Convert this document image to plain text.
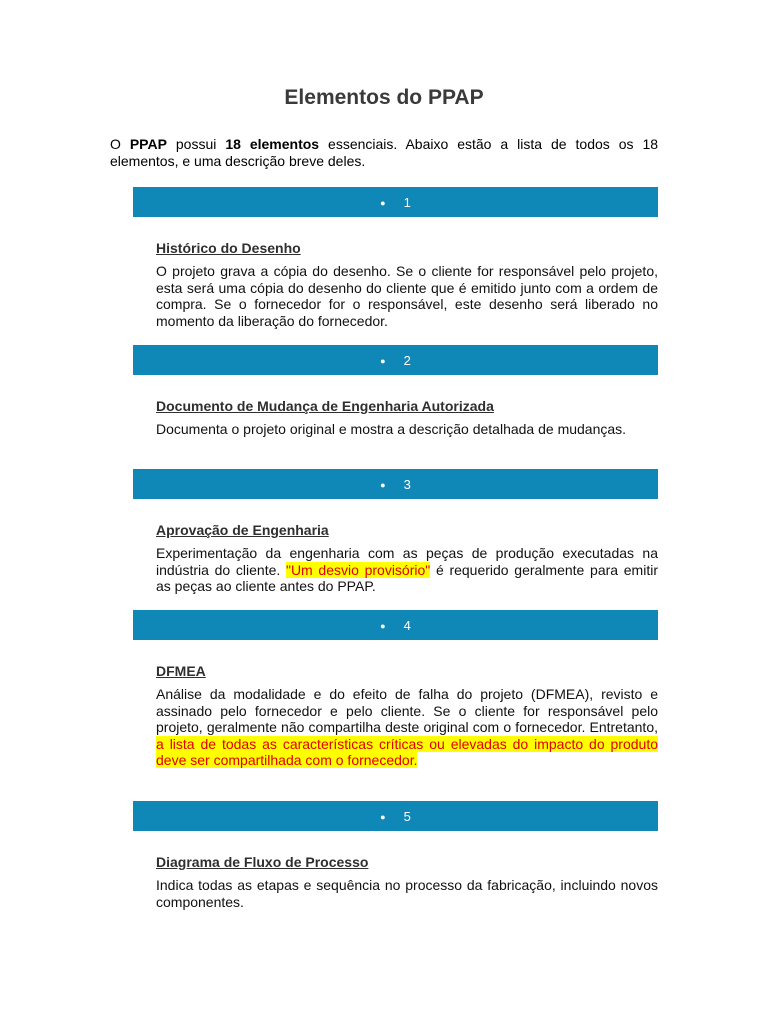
Elementos do PPAP

O PPAP possui 18 elementos essenciais. Abaixo estão a lista de todos os 18 elementos, e uma descrição breve deles.

● 1

Histórico do Desenho

O projeto grava a cópia do desenho. Se o cliente for responsável pelo projeto, esta será uma cópia do desenho do cliente que é emitido junto com a ordem de compra. Se o fornecedor for o responsável, este desenho será liberado no momento da liberação do fornecedor.

● 2

Documento de Mudança de Engenharia Autorizada

Documenta o projeto original e mostra a descrição detalhada de mudanças.

● 3

Aprovação de Engenharia

Experimentação da engenharia com as peças de produção executadas na indústria do cliente. "Um desvio provisório" é requerido geralmente para emitir as peças ao cliente antes do PPAP.

● 4

DFMEA

Análise da modalidade e do efeito de falha do projeto (DFMEA), revisto e assinado pelo fornecedor e pelo cliente. Se o cliente for responsável pelo projeto, geralmente não compartilha deste original com o fornecedor. Entretanto, a lista de todas as características críticas ou elevadas do impacto do produto deve ser compartilhada com o fornecedor.

● 5

Diagrama de Fluxo de Processo

Indica todas as etapas e sequência no processo da fabricação, incluindo novos componentes.
